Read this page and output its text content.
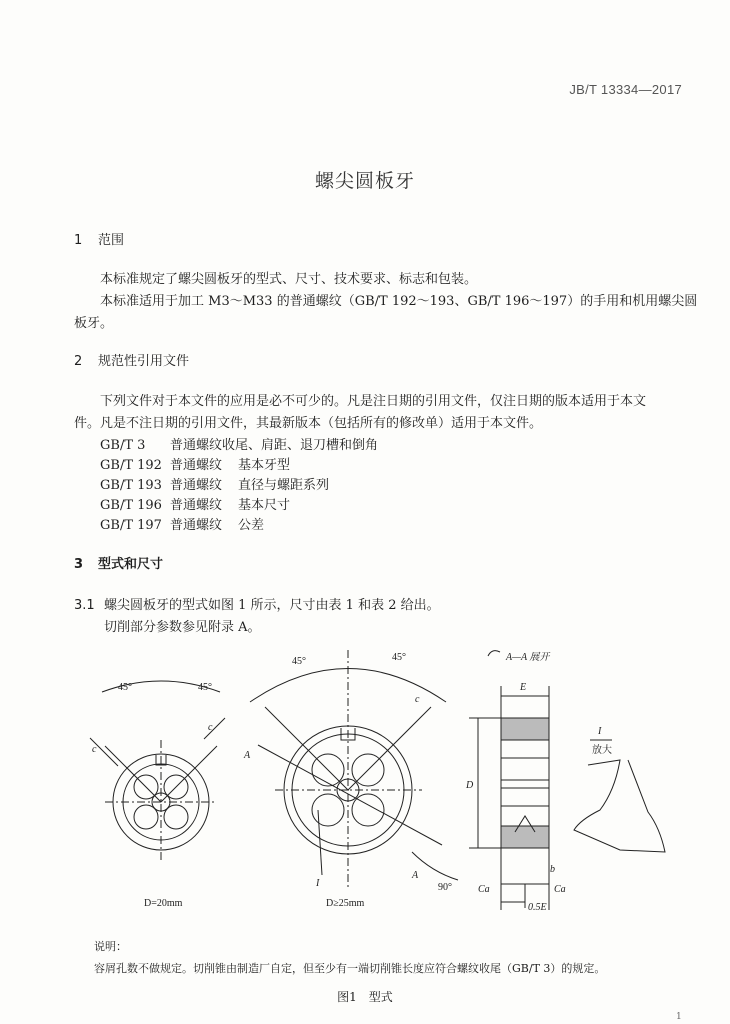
JB/T 13334—2017
螺尖圆板牙
1 范围
本标准规定了螺尖圆板牙的型式、尺寸、技术要求、标志和包装。
本标准适用于加工 M3～M33 的普通螺纹（GB/T 192～193、GB/T 196～197）的手用和机用螺尖圆
板牙。
2 规范性引用文件
下列文件对于本文件的应用是必不可少的。凡是注日期的引用文件，仅注日期的版本适用于本文
件。凡是不注日期的引用文件，其最新版本（包括所有的修改单）适用于本文件。
GB/T 3 普通螺纹收尾、肩距、退刀槽和倒角
GB/T 192 普通螺纹 基本牙型
GB/T 193 普通螺纹 直径与螺距系列
GB/T 196 普通螺纹 基本尺寸
GB/T 197 普通螺纹 公差
3 型式和尺寸
3.1 螺尖圆板牙的型式如图 1 所示，尺寸由表 1 和表 2 给出。
切削部分参数参见附录 A。
45°	45°
c
c
D=20mm
45°	45°
c
A
A
I	90°
D≥25mm
A—A 展开
E
D
b
Ca	Ca
0.5E
I
放大
说明：
容屑孔数不做规定。切削锥由制造厂自定，但至少有一端切削锥长度应符合螺纹收尾（GB/T 3）的规定。
图1　型式
1
